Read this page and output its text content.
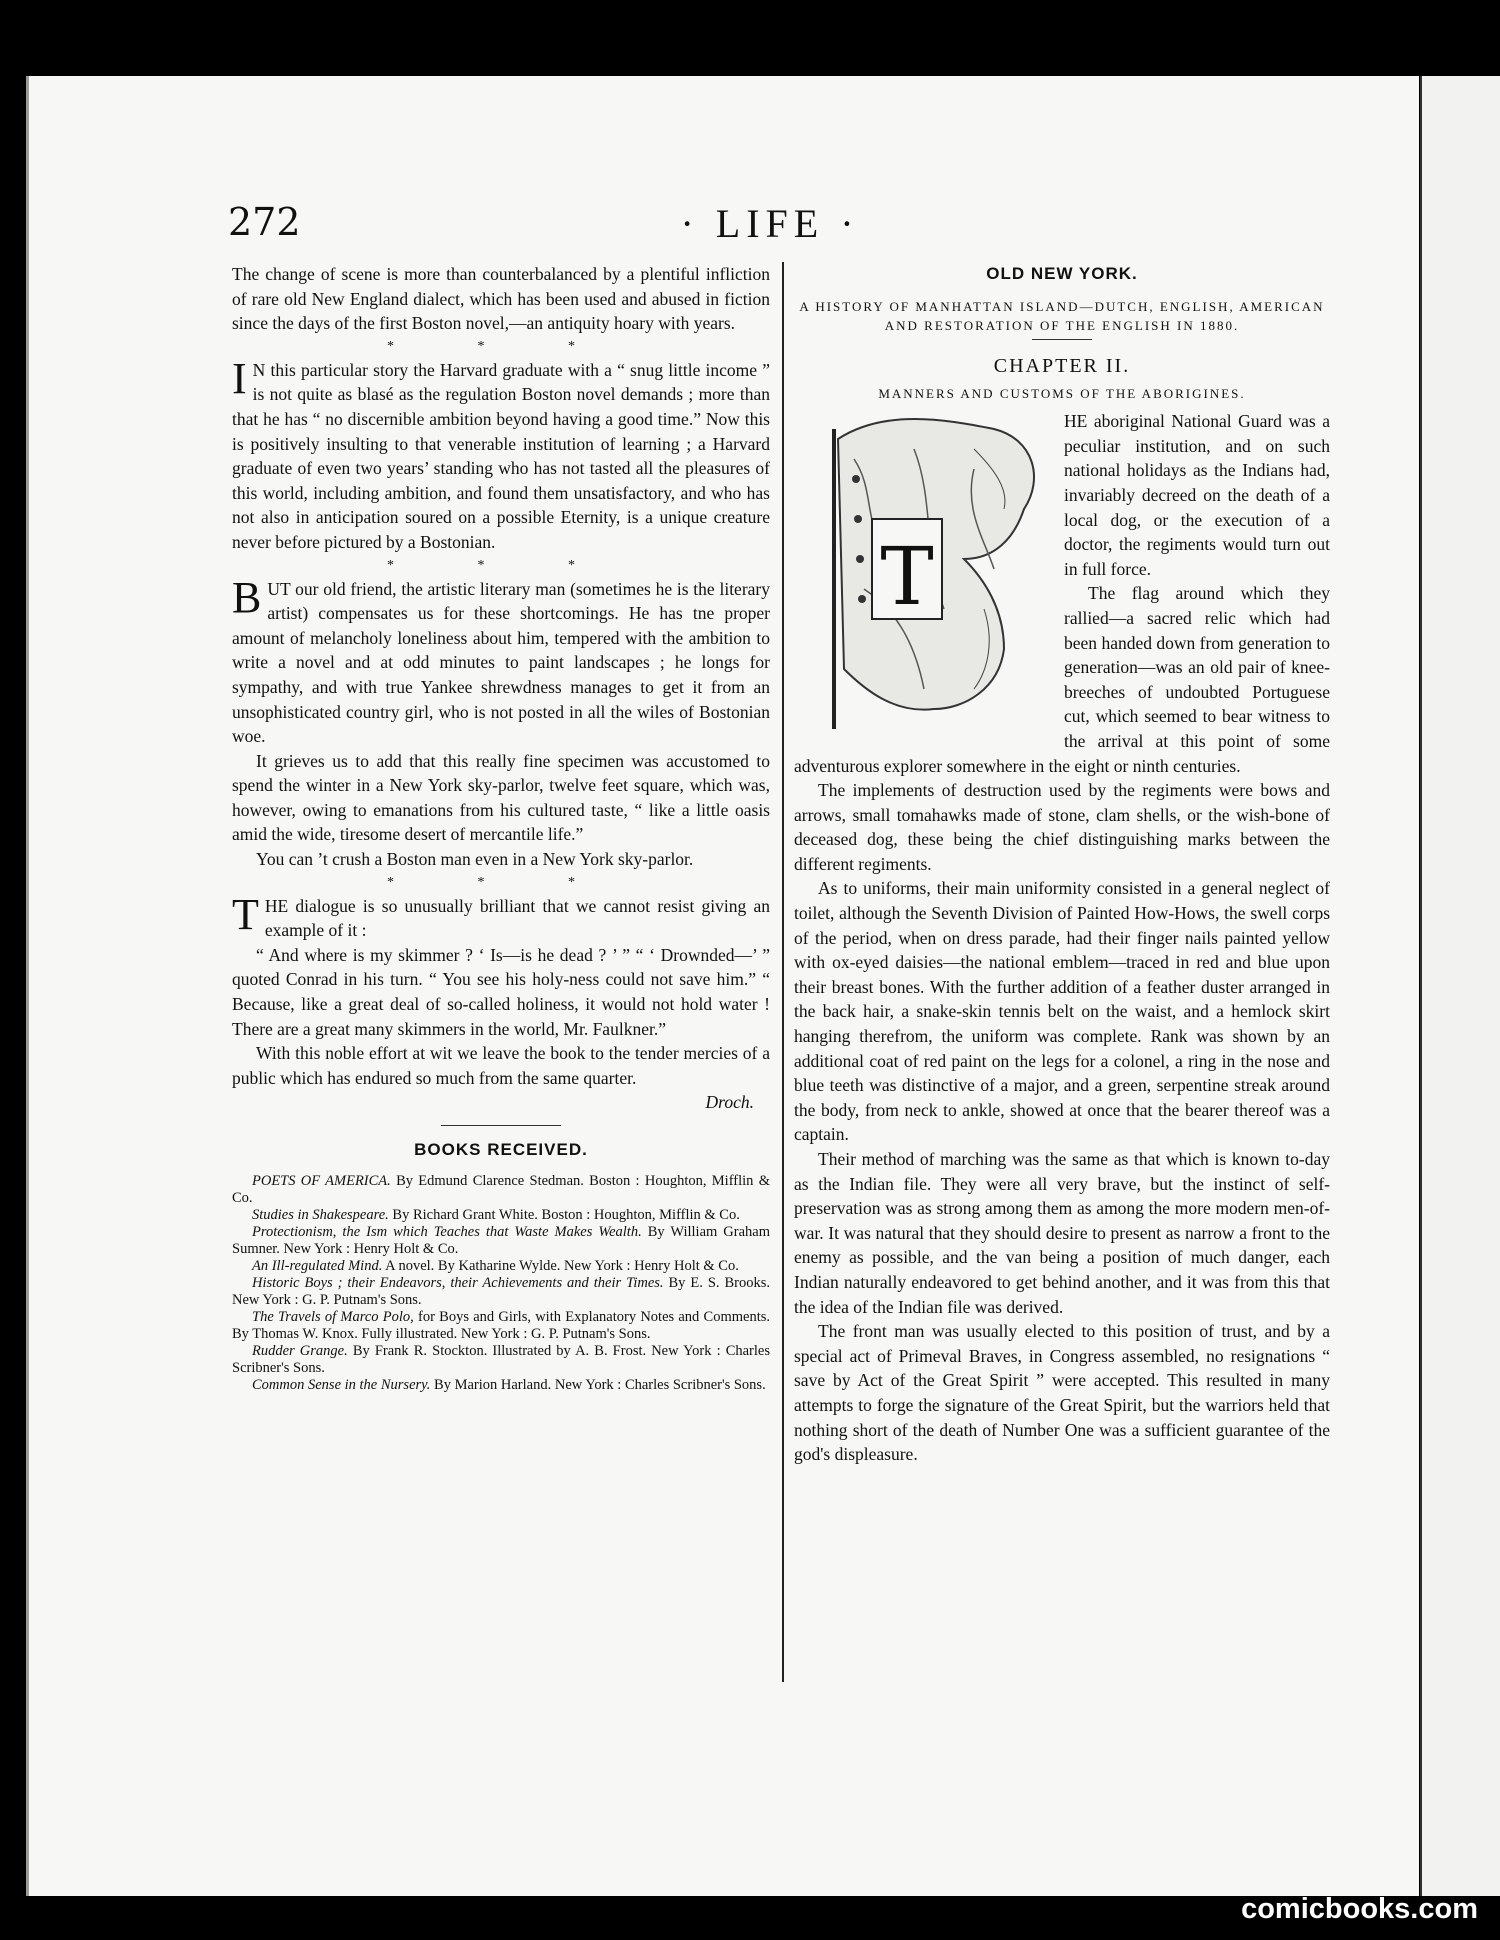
272	· LIFE ·

The change of scene is more than counterbalanced by a plentiful infliction of rare old New England dialect, which has been used and abused in fiction since the days of the first Boston novel,—an antiquity hoary with years.

* * *

I N this particular story the Harvard graduate with a “ snug little income ” is not quite as blasé as the regulation Boston novel demands ; more than that he has “ no discernible ambition beyond having a good time.” Now this is positively insulting to that venerable institution of learning ; a Harvard graduate of even two years’ standing who has not tasted all the pleasures of this world, including ambition, and found them unsatisfactory, and who has not also in anticipation soured on a possible Eternity, is a unique creature never before pictured by a Bostonian.

* * *

BUT our old friend, the artistic literary man (sometimes he is the literary artist) compensates us for these shortcomings. He has tne proper amount of melancholy loneliness about him, tempered with the ambition to write a novel and at odd minutes to paint landscapes ; he longs for sympathy, and with true Yankee shrewdness manages to get it from an unsophisticated country girl, who is not posted in all the wiles of Bostonian woe.

It grieves us to add that this really fine specimen was accustomed to spend the winter in a New York sky-parlor, twelve feet square, which was, however, owing to emanations from his cultured taste, “ like a little oasis amid the wide, tiresome desert of mercantile life.”

You can ’t crush a Boston man even in a New York sky-parlor.

* * *

THE dialogue is so unusually brilliant that we cannot resist giving an example of it :

“ And where is my skimmer ? ‘ Is—is he dead ? ’ ” “ ‘ Drownded—’ ” quoted Conrad in his turn. “ You see his holy-ness could not save him.” “ Because, like a great deal of so-called holiness, it would not hold water ! There are a great many skimmers in the world, Mr. Faulkner.”

With this noble effort at wit we leave the book to the tender mercies of a public which has endured so much from the same quarter.

Droch.
BOOKS RECEIVED.

POETS OF AMERICA. By Edmund Clarence Stedman. Boston : Houghton, Mifflin & Co.

Studies in Shakespeare. By Richard Grant White. Boston : Houghton, Mifflin & Co.

Protectionism, the Ism which Teaches that Waste Makes Wealth. By William Graham Sumner. New York : Henry Holt & Co.

An Ill-regulated Mind. A novel. By Katharine Wylde. New York : Henry Holt & Co.

Historic Boys ; their Endeavors, their Achievements and their Times. By E. S. Brooks. New York : G. P. Putnam's Sons.

The Travels of Marco Polo, for Boys and Girls, with Explanatory Notes and Comments. By Thomas W. Knox. Fully illustrated. New York : G. P. Putnam's Sons.

Rudder Grange. By Frank R. Stockton. Illustrated by A. B. Frost. New York : Charles Scribner's Sons.

Common Sense in the Nursery. By Marion Harland. New York : Charles Scribner's Sons.

OLD NEW YORK.
A HISTORY OF MANHATTAN ISLAND—DUTCH, ENGLISH, AMERICAN AND RESTORATION OF THE ENGLISH IN 1880.
CHAPTER II.
MANNERS AND CUSTOMS OF THE ABORIGINES.
T

HE aboriginal National Guard was a peculiar institution, and on such national holidays as the Indians had, invariably decreed on the death of a local dog, or the execution of a doctor, the regiments would turn out in full force.

The flag around which they rallied—a sacred relic which had been handed down from generation to generation—was an old pair of knee-breeches of undoubted Portuguese cut, which seemed to bear witness to the arrival at this point of some adventurous explorer somewhere in the eight or ninth centuries.

The implements of destruction used by the regiments were bows and arrows, small tomahawks made of stone, clam shells, or the wish-bone of deceased dog, these being the chief distinguishing marks between the different regiments.

As to uniforms, their main uniformity consisted in a general neglect of toilet, although the Seventh Division of Painted How-Hows, the swell corps of the period, when on dress parade, had their finger nails painted yellow with ox-eyed daisies—the national emblem—traced in red and blue upon their breast bones. With the further addition of a feather duster arranged in the back hair, a snake-skin tennis belt on the waist, and a hemlock skirt hanging therefrom, the uniform was complete. Rank was shown by an additional coat of red paint on the legs for a colonel, a ring in the nose and blue teeth was distinctive of a major, and a green, serpentine streak around the body, from neck to ankle, showed at once that the bearer thereof was a captain.

Their method of marching was the same as that which is known to-day as the Indian file. They were all very brave, but the instinct of self-preservation was as strong among them as among the more modern men-of-war. It was natural that they should desire to present as narrow a front to the enemy as possible, and the van being a position of much danger, each Indian naturally endeavored to get behind another, and it was from this that the idea of the Indian file was derived.

The front man was usually elected to this position of trust, and by a special act of Primeval Braves, in Congress assembled, no resignations “ save by Act of the Great Spirit ” were accepted. This resulted in many attempts to forge the signature of the Great Spirit, but the warriors held that nothing short of the death of Number One was a sufficient guarantee of the god's displeasure.

comicbooks.com
